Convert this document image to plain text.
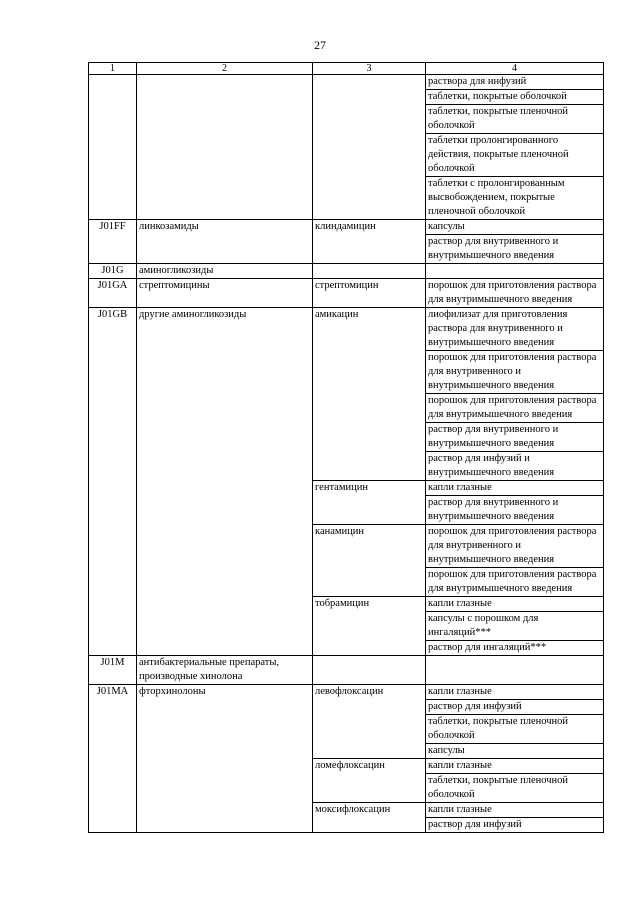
27
1	2	3	4
			раствора для инфузий
			таблетки, покрытые оболочкой
			таблетки, покрытые пленочной оболочкой
			таблетки пролонгированного действия, покрытые пленочной оболочкой
			таблетки с пролонгированным высвобождением, покрытые пленочной оболочкой
J01FF	линкозамиды	клиндамицин	капсулы
			раствор для внутривенного и внутримышечного введения
J01G	аминогликозиды		
J01GA	стрептомицины	стрептомицин	порошок для приготовления раствора для внутримышечного введения
J01GB	другие аминогликозиды	амикацин	лиофилизат для приготовления раствора для внутривенного и внутримышечного введения
			порошок для приготовления раствора для внутривенного и внутримышечного введения
			порошок для приготовления раствора для внутримышечного введения
			раствор для внутривенного и внутримышечного введения
			раствор для инфузий и внутримышечного введения
		гентамицин	капли глазные
			раствор для внутривенного и внутримышечного введения
		канамицин	порошок для приготовления раствора для внутривенного и внутримышечного введения
			порошок для приготовления раствора для внутримышечного введения
		тобрамицин	капли глазные
			капсулы с порошком для ингаляций***
			раствор для ингаляций***
J01M	антибактериальные препараты, производные хинолона		
J01MA	фторхинолоны	левофлоксацин	капли глазные
			раствор для инфузий
			таблетки, покрытые пленочной оболочкой
			капсулы
		ломефлоксацин	капли глазные
			таблетки, покрытые пленочной оболочкой
		моксифлоксацин	капли глазные
			раствор для инфузий
